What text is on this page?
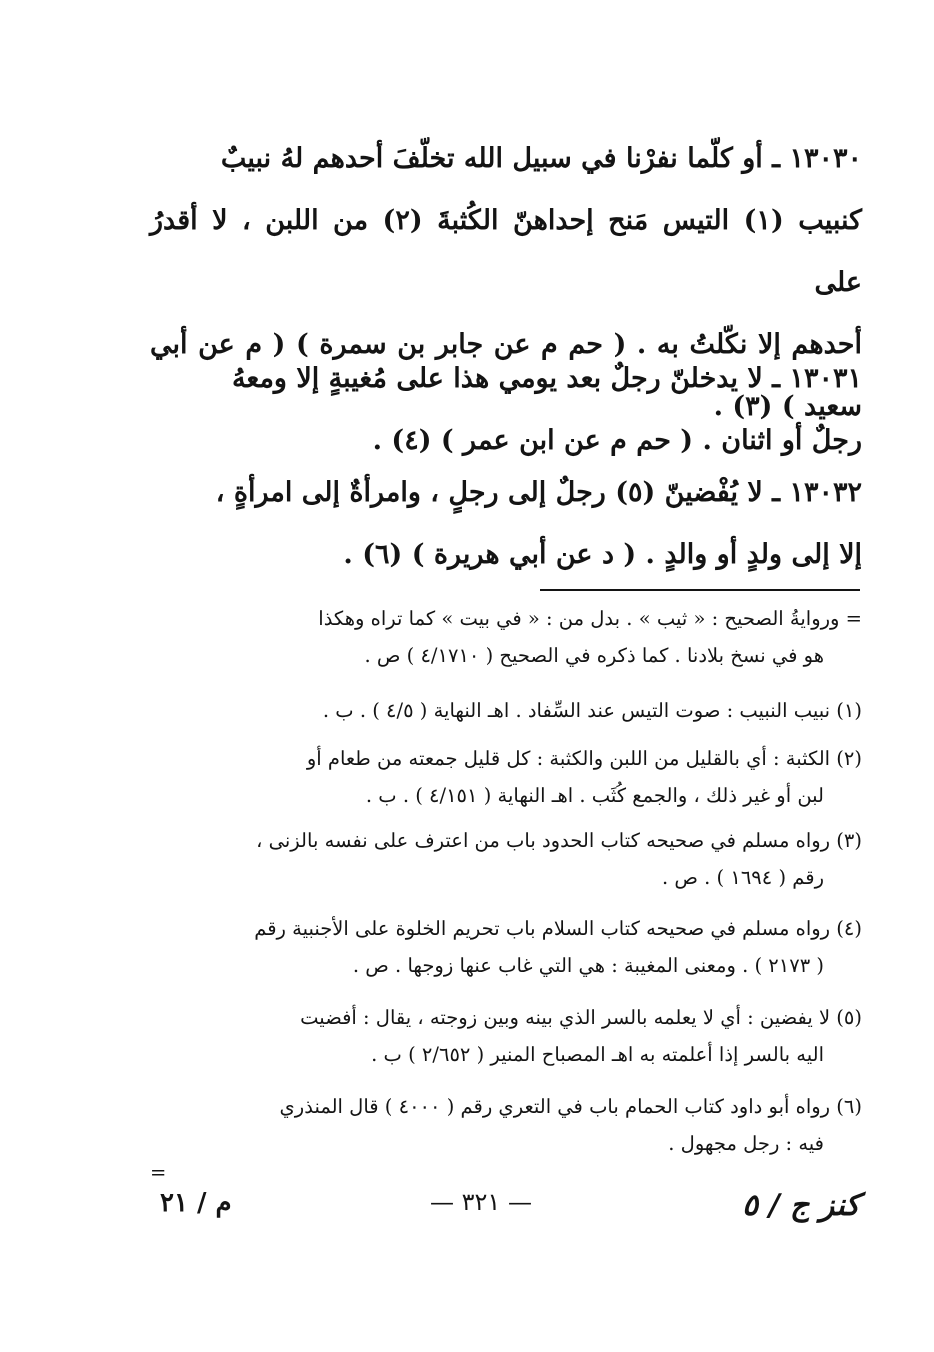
١٣٠٣٠ ـ أو كلّما نفرْنا في سبيل الله تخلّفَ أحدهم لهُ نبيبٌ

كنبيب (١) التيس مَنح إحداهنّ الكُثبةَ (٢) من اللبن ، لا أقدرُ على

أحدهم إلا نكّلتُ به . ( حم م عن جابر بن سمرة ) ( م عن أبي سعيد ) (٣) .

١٣٠٣١ ـ لا يدخلنّ رجلٌ بعد يومي هذا على مُغيبةٍ إلا ومعهُ

رجلٌ أو اثنان . ( حم م عن ابن عمر ) (٤) .

١٣٠٣٢ ـ لا يُفْضينّ (٥) رجلٌ إلى رجلٍ ، وامرأةٌ إلى امرأةٍ ،

إلا إلى ولدٍ أو والدٍ . ( د عن أبي هريرة ) (٦) .

= وروايةُ الصحيح : « ثيب » . بدل من : « في بيت » كما تراه وهكذا

هو في نسخ بلادنا . كما ذكره في الصحيح ( ٤/١٧١٠ ) ص .

(١) نبيب النبيب : صوت التيس عند السِّفاد . اهـ النهاية ( ٤/٥ ) . ب .

(٢) الكثبة : أي بالقليل من اللبن والكثبة : كل قليل جمعته من طعام أو

لبن أو غير ذلك ، والجمع كُثَب . اهـ النهاية ( ٤/١٥١ ) . ب .

(٣) رواه مسلم في صحيحه كتاب الحدود باب من اعترف على نفسه بالزنى ،

رقم ( ١٦٩٤ ) . ص .

(٤) رواه مسلم في صحيحه كتاب السلام باب تحريم الخلوة على الأجنبية رقم

( ٢١٧٣ ) . ومعنى المغيبة : هي التي غاب عنها زوجها . ص .

(٥) لا يفضين : أي لا يعلمه بالسر الذي بينه وبين زوجته ، يقال : أفضيت

اليه بالسر إذا أعلمته به اهـ المصباح المنير ( ٢/٦٥٢ ) ب .

(٦) رواه أبو داود كتاب الحمام باب في التعري رقم ( ٤٠٠٠ ) قال المنذري

فيه : رجل مجهول .

=

م / ٢١	— ٣٢١ —	كنز ج / ٥
